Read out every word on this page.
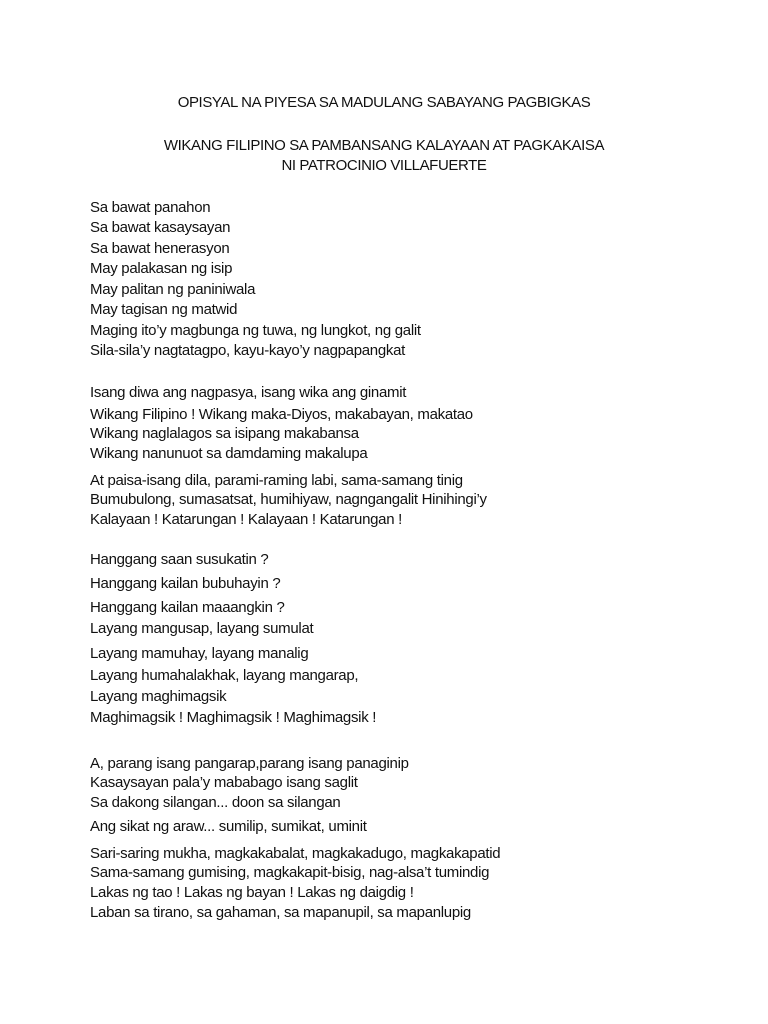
OPISYAL NA PIYESA SA MADULANG SABAYANG PAGBIGKAS
WIKANG FILIPINO SA PAMBANSANG KALAYAAN AT PAGKAKAISA
NI PATROCINIO VILLAFUERTE
Sa bawat panahon
Sa bawat kasaysayan
Sa bawat henerasyon
May palakasan ng isip
May palitan ng paniniwala
May tagisan ng matwid
Maging ito’y magbunga ng tuwa, ng lungkot, ng galit
Sila-sila’y nagtatagpo, kayu-kayo’y nagpapangkat
Isang diwa ang nagpasya, isang wika ang ginamit
Wikang Filipino ! Wikang maka-Diyos, makabayan, makatao
Wikang naglalagos sa isipang makabansa
Wikang nanunuot sa damdaming makalupa
At paisa-isang dila, parami-raming labi, sama-samang tinig
Bumubulong, sumasatsat, humihiyaw, nagngangalit Hinihingi’y
Kalayaan ! Katarungan ! Kalayaan ! Katarungan !
Hanggang saan susukatin ?
Hanggang kailan bubuhayin ?
Hanggang kailan maaangkin ?
Layang mangusap, layang sumulat
Layang mamuhay, layang manalig
Layang humahalakhak, layang mangarap,
Layang maghimagsik
Maghimagsik ! Maghimagsik ! Maghimagsik !
A, parang isang pangarap,parang isang panaginip
Kasaysayan pala’y mababago isang saglit
Sa dakong silangan... doon sa silangan
Ang sikat ng araw... sumilip, sumikat, uminit
Sari-saring mukha, magkakabalat, magkakadugo, magkakapatid
Sama-samang gumising, magkakapit-bisig, nag-alsa’t tumindig
Lakas ng tao ! Lakas ng bayan ! Lakas ng daigdig !
Laban sa tirano, sa gahaman, sa mapanupil, sa mapanlupig
